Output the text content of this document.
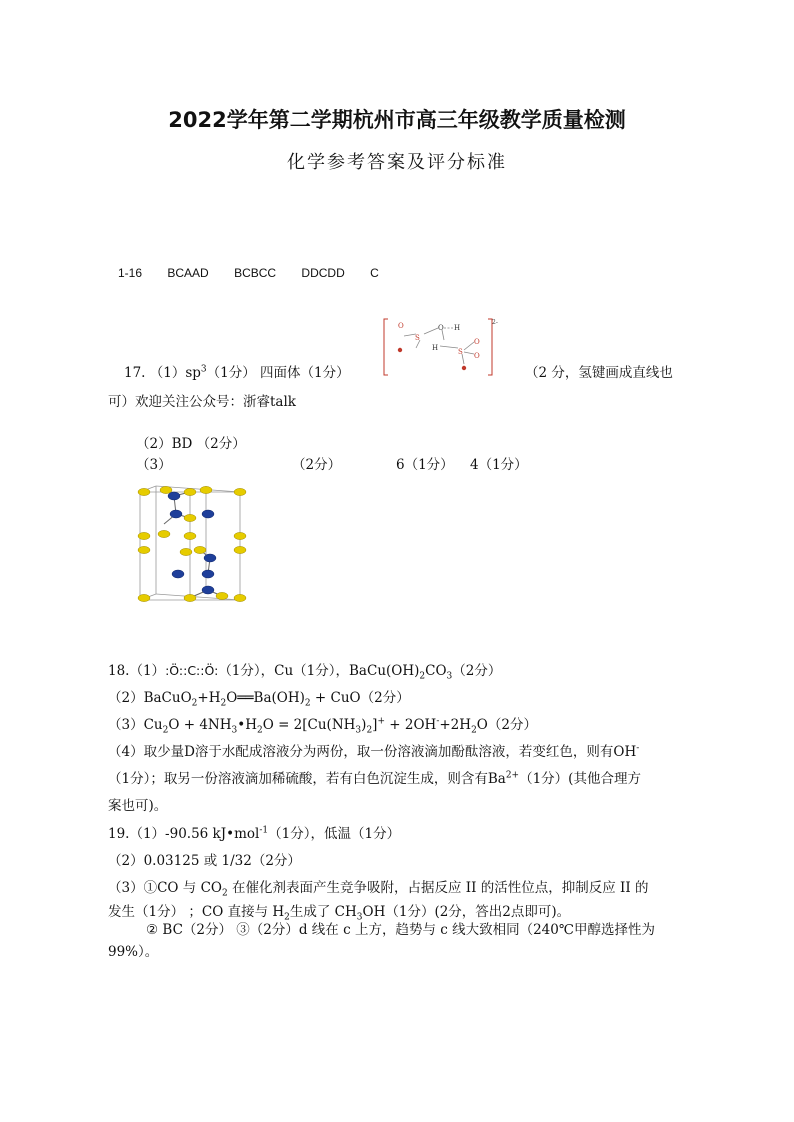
2022学年第二学期杭州市高三年级教学质量检测
化学参考答案及评分标准
1-16 BCAAD BCBCC DDCDD C
2-
O
S
O H
H	S
O
O
17. $(1)sp^3(1$分） 四面体（1分）	（2 分，氢键画成直线也
可）欢迎关注公众号：浙睿talk
（2）BD （2分）
（3）	（2分）	6（1分） 4（1分）
18.（1）:Ö::C::Ö:（1分），Cu（1分），$BaCu(OH)_2CO_3(2$分）
$(2)BaCuO_2+H_2O══Ba(OH)_2 + CuO(2$分）
$(3)Cu_2O$ + $4NH_3•H_2O = 2[Cu(NH_3)_2]^+ + 2OH^-+2H_2O(2$分）
（4）取少量D溶于水配成溶液分为两份，取一份溶液滴加酚酞溶液，若变红色，则有OH-
（1分）；取另一份溶液滴加稀硫酸，若有白色沉淀生成，则含有$Ba^{2+}(1$分）(其他合理方
案也可)。
19.（1）-90.56 kJ•mol$^{-1}$（1分），低温（1分）
（2）0.03125 或 1/32（2分）
（3）①CO 与 $CO_2$ 在催化剂表面产生竞争吸附，占据反应 II 的活性位点，抑制反应 II 的
发生（1分） ；CO 直接与 $H_2$生成了 $CH_3OH(1$分）(2分，答出2点即可)。
② BC（2分） ③（2分）d 线在 c 上方，趋势与 c 线大致相同（240℃甲醇选择性为
99%）。
